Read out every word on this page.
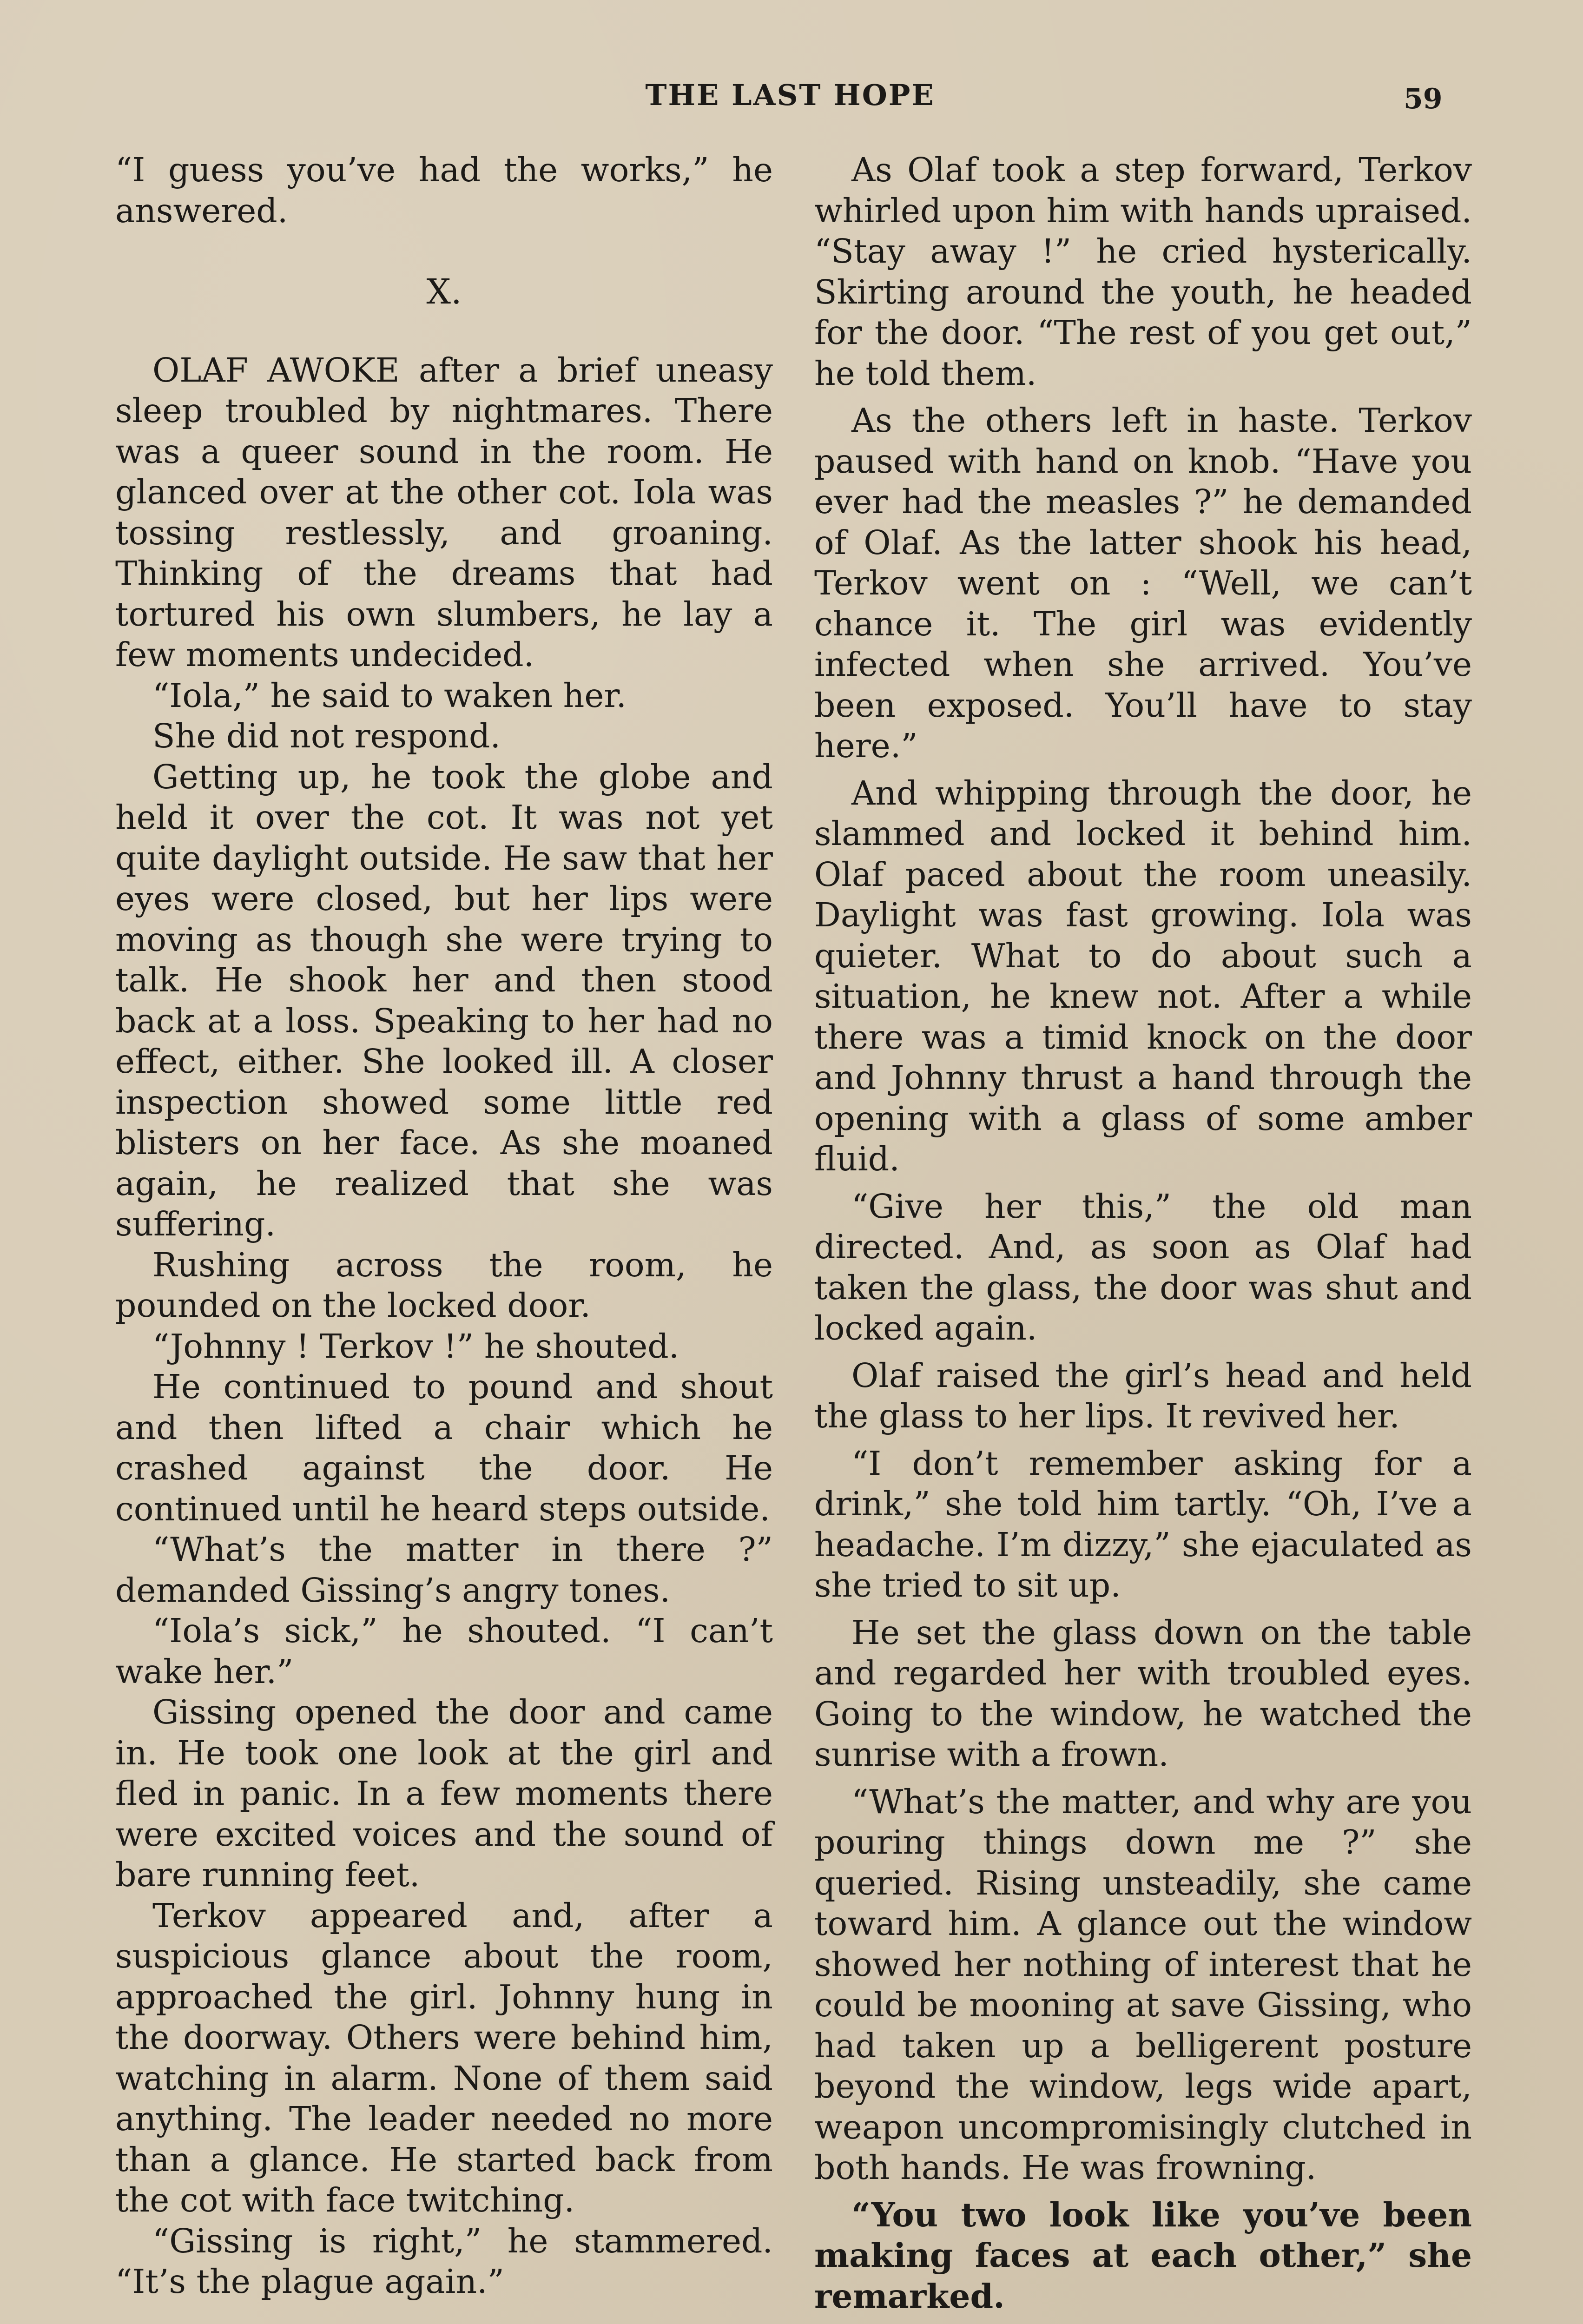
THE LAST HOPE	59

“I guess you’ve had the works,” he answered.

X.

OLAF AWOKE after a brief uneasy sleep troubled by nightmares. There was a queer sound in the room. He glanced over at the other cot. Iola was tossing restlessly, and groaning. Thinking of the dreams that had tortured his own slumbers, he lay a few moments undecided.

“Iola,” he said to waken her.

She did not respond.

Getting up, he took the globe and held it over the cot. It was not yet quite daylight outside. He saw that her eyes were closed, but her lips were moving as though she were trying to talk. He shook her and then stood back at a loss. Speaking to her had no effect, either. She looked ill. A closer inspection showed some little red blisters on her face. As she moaned again, he realized that she was suffering.

Rushing across the room, he pounded on the locked door.

“Johnny ! Terkov !” he shouted.

He continued to pound and shout and then lifted a chair which he crashed against the door. He continued until he heard steps outside.

“What’s the matter in there ?” demanded Gissing’s angry tones.

“Iola’s sick,” he shouted. “I can’t wake her.”

Gissing opened the door and came in. He took one look at the girl and fled in panic. In a few moments there were excited voices and the sound of bare running feet.

Terkov appeared and, after a suspicious glance about the room, approached the girl. Johnny hung in the doorway. Others were behind him, watching in alarm. None of them said anything. The leader needed no more than a glance. He started back from the cot with face twitching.

“Gissing is right,” he stammered. “It’s the plague again.”

As Olaf took a step forward, Terkov whirled upon him with hands upraised. “Stay away !” he cried hysterically. Skirting around the youth, he headed for the door. “The rest of you get out,” he told them.

As the others left in haste. Terkov paused with hand on knob. “Have you ever had the measles ?” he demanded of Olaf. As the latter shook his head, Terkov went on : “Well, we can’t chance it. The girl was evidently infected when she arrived. You’ve been exposed. You’ll have to stay here.”

And whipping through the door, he slammed and locked it behind him. Olaf paced about the room uneasily. Daylight was fast growing. Iola was quieter. What to do about such a situation, he knew not. After a while there was a timid knock on the door and Johnny thrust a hand through the opening with a glass of some amber fluid.

“Give her this,” the old man directed. And, as soon as Olaf had taken the glass, the door was shut and locked again.

Olaf raised the girl’s head and held the glass to her lips. It revived her.

“I don’t remember asking for a drink,” she told him tartly. “Oh, I’ve a headache. I’m dizzy,” she ejaculated as she tried to sit up.

He set the glass down on the table and regarded her with troubled eyes. Going to the window, he watched the sunrise with a frown.

“What’s the matter, and why are you pouring things down me ?” she queried. Rising unsteadily, she came toward him. A glance out the window showed her nothing of interest that he could be mooning at save Gissing, who had taken up a belligerent posture beyond the window, legs wide apart, weapon uncompromisingly clutched in both hands. He was frowning.

“You two look like you’ve been making faces at each other,” she remarked.
